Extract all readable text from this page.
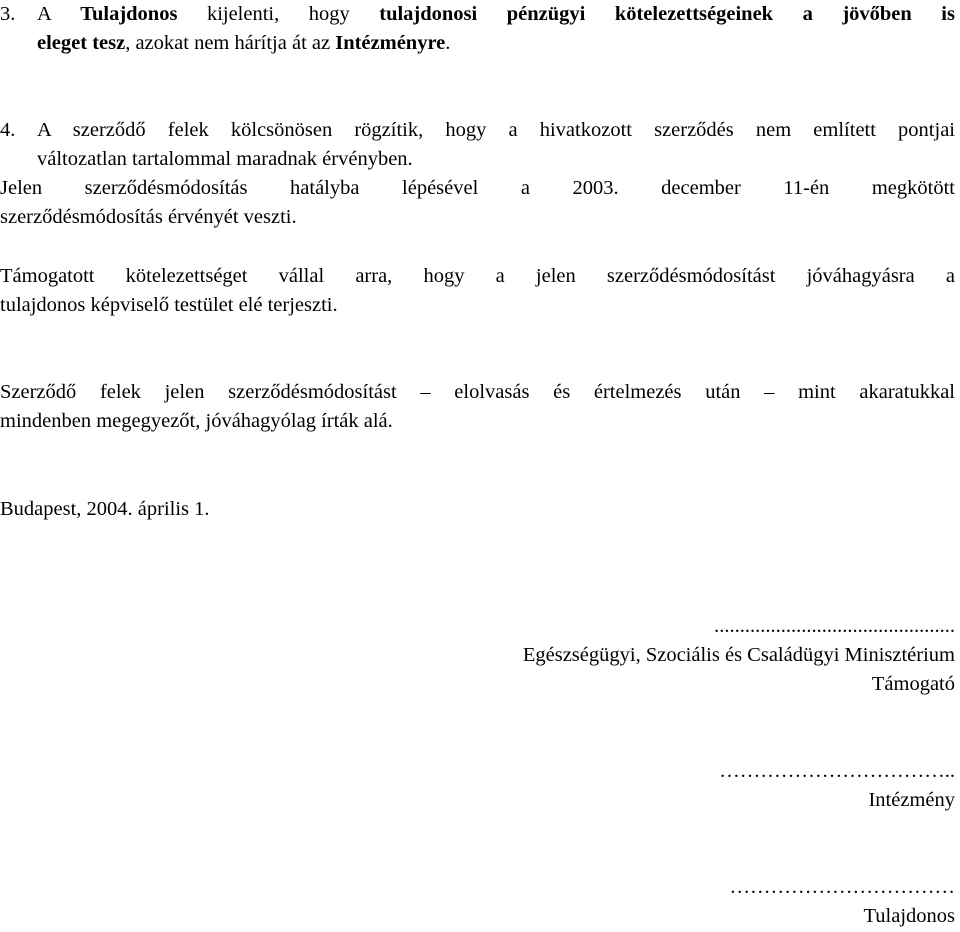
3. A Tulajdonos kijelenti, hogy tulajdonosi pénzügyi kötelezettségeinek a jövőben is
eleget tesz, azokat nem hárítja át az Intézményre.
4. A szerződő felek kölcsönösen rögzítik, hogy a hivatkozott szerződés nem említett pontjai
változatlan tartalommal maradnak érvényben.
Jelen szerződésmódosítás hatályba lépésével a 2003. december 11-én megkötött
szerződésmódosítás érvényét veszti.
Támogatott kötelezettséget vállal arra, hogy a jelen szerződésmódosítást jóváhagyásra a
tulajdonos képviselő testület elé terjeszti.
Szerződő felek jelen szerződésmódosítást – elolvasás és értelmezés után – mint akaratukkal
mindenben megegyezőt, jóváhagyólag írták alá.
Budapest, 2004. április 1.
...............................................
Egészségügyi, Szociális és Családügyi Minisztérium
Támogató
……………………………..
Intézmény
……………………………
Tulajdonos
